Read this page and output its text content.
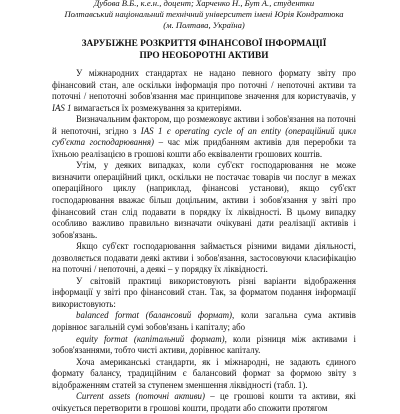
Дубова В.Б., к.е.н., доцент; Харченко Н., Бут А., студентки

Полтавський національний технічний університет імені Юрія Кондратюка

(м. Полтава, Україна)

ЗАРУБІЖНЕ РОЗКРИТТЯ ФІНАНСОВОЇ ІНФОРМАЦІЇ
ПРО НЕОБОРОТНІ АКТИВИ

У міжнародних стандартах не надано певного формату звіту про фінансовий стан, але оскільки інформація про поточні / непоточні активи та поточні / непоточні зобов'язання має принципове значення для користувачів, у IAS 1 вимагається їх розмежування за критеріями.

Визначальним фактором, що розмежовує активи і зобов'язання на поточні й непоточні, згідно з IAS 1 є operating cycle of an entity (операційний цикл суб'єкта господарювання) – час між придбанням активів для переробки та їхньою реалізацією в грошові кошти або еквіваленти грошових коштів.

Утім, у деяких випадках, коли суб'єкт господарювання не може визначити операційний цикл, оскільки не постачає товарів чи послуг в межах операційного циклу (наприклад, фінансові установи), якщо суб'єкт господарювання вважає більш доцільним, активи і зобов'язання у звіті про фінансовий стан слід подавати в порядку їх ліквідності. В цьому випадку особливо важливо правильно визначати очікувані дати реалізації активів і зобов'язань.

Якщо суб'єкт господарювання займається різними видами діяльності, дозволяється подавати деякі активи і зобов'язання, застосовуючи класифікацію на поточні / непоточні, а деякі – у порядку їх ліквідності.

У світовій практиці використовують різні варіанти відображення інформації у звіті про фінансовий стан. Так, за форматом подання інформації використовують:

balanced format (балансовий формат), коли загальна сума активів дорівнює загальній сумі зобов'язань і капіталу; або

equity format (капітальний формат), коли різниця між активами і зобов'язаннями, тобто чисті активи, дорівнює капіталу.

Хоча американські стандарти, як і міжнародні, не задають єдиного формату балансу, традиційним є балансовий формат за формою звіту з відображенням статей за ступенем зменшення ліквідності (табл. 1).

Current assets (поточні активи) – це грошові кошти та активи, які очікується перетворити в грошові кошти, продати або спожити протягом
